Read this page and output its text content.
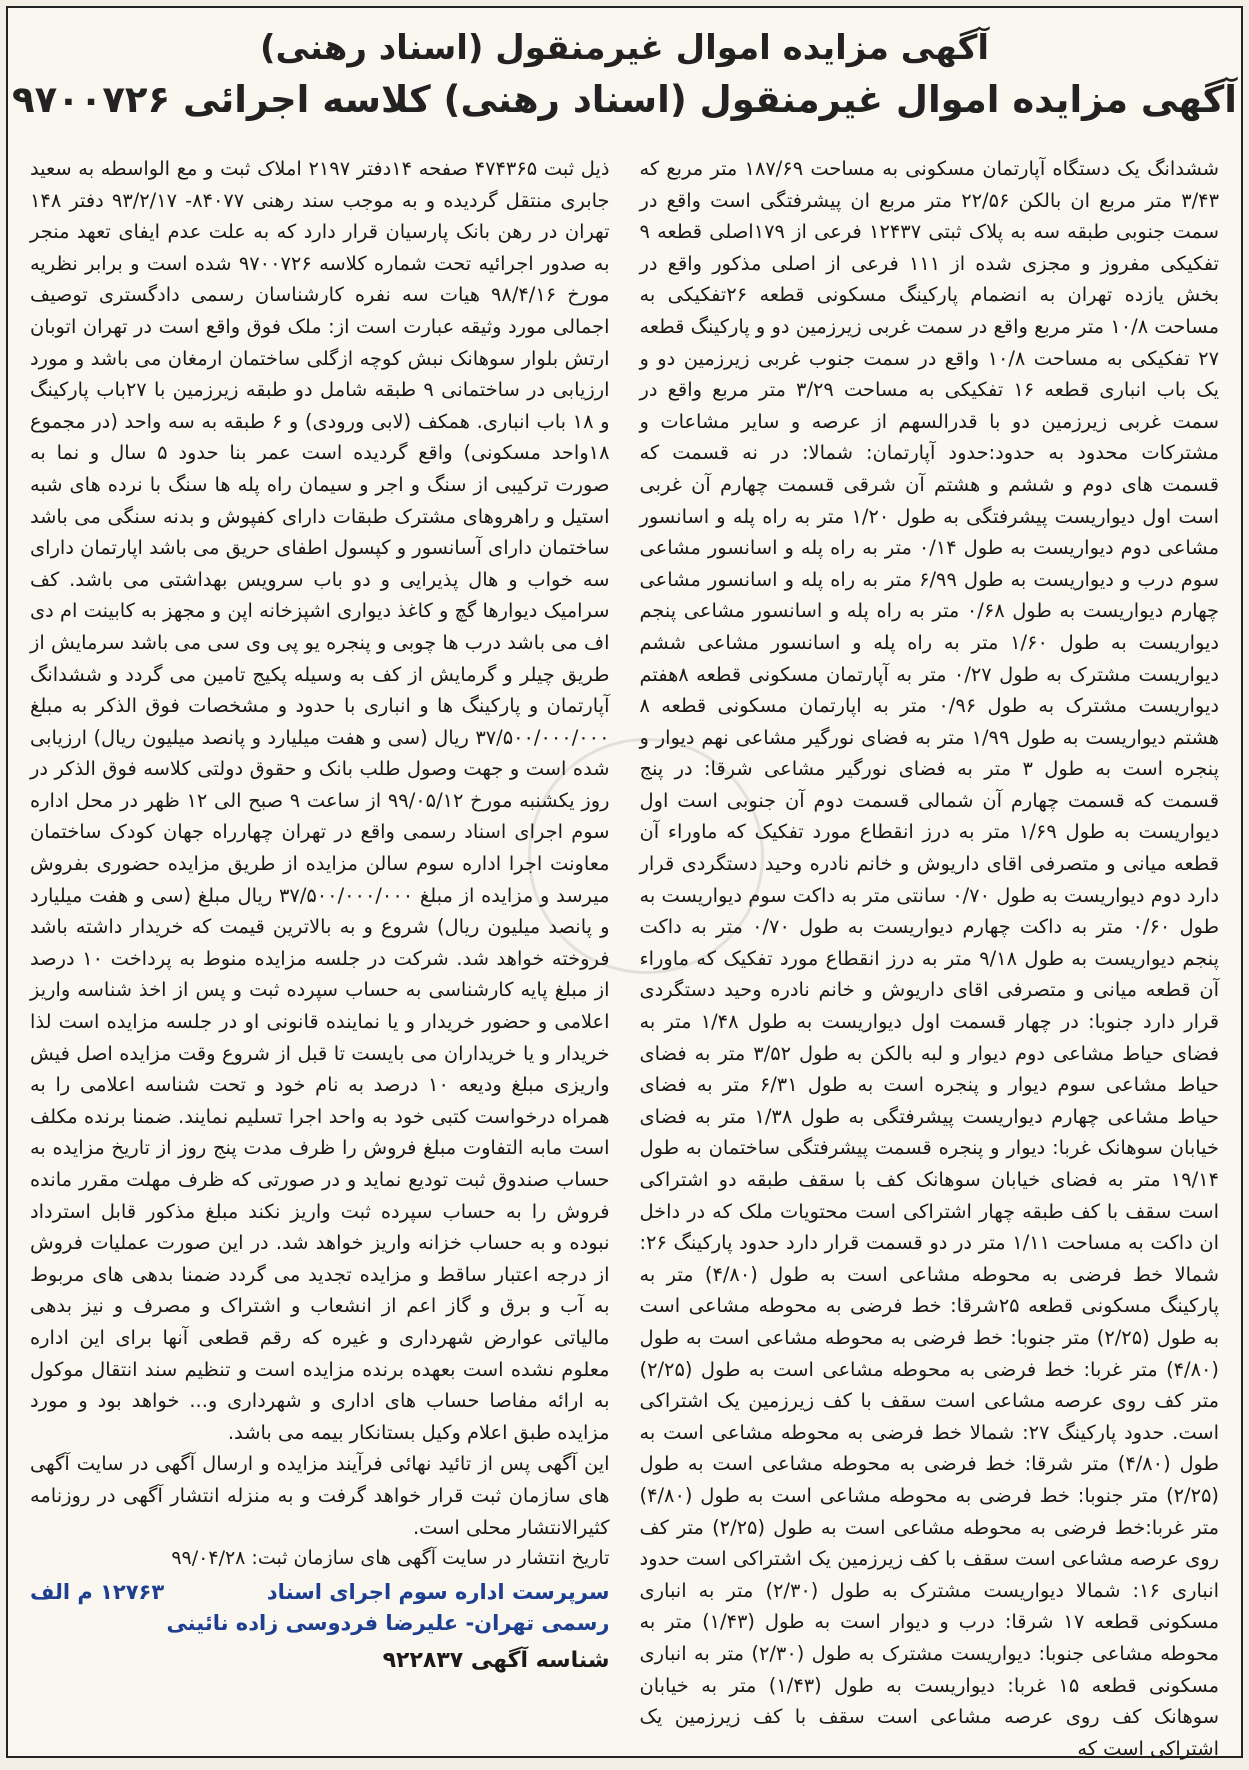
آگهی مزایده اموال غیرمنقول (اسناد رهنی)
آگهی مزایده اموال غیرمنقول (اسناد رهنی) کلاسه اجرائی ۹۷۰۰۷۲۶

ششدانگ یک دستگاه آپارتمان مسکونی به مساحت ۱۸۷/۶۹ متر مربع که ۳/۴۳ متر مربع ان بالکن ۲۲/۵۶ متر مربع ان پیشرفتگی است واقع در سمت جنوبی طبقه سه به پلاک ثبتی ۱۲۴۳۷ فرعی از ۱۷۹اصلی قطعه ۹ تفکیکی مفروز و مجزی شده از ۱۱۱ فرعی از اصلی مذکور واقع در بخش یازده تهران به انضمام پارکینگ مسکونی قطعه ۲۶تفکیکی به مساحت ۱۰/۸ متر مربع واقع در سمت غربی زیرزمین دو و پارکینگ قطعه ۲۷ تفکیکی به مساحت ۱۰/۸ واقع در سمت جنوب غربی زیرزمین دو و یک باب انباری قطعه ۱۶ تفکیکی به مساحت ۳/۲۹ متر مربع واقع در سمت غربی زیرزمین دو با قدرالسهم از عرصه و سایر مشاعات و مشترکات محدود به حدود:حدود آپارتمان: شمالا: در نه قسمت که قسمت های دوم و ششم و هشتم آن شرقی قسمت چهارم آن غربی است اول دیواریست پیشرفتگی به طول ۱/۲۰ متر به راه پله و اسانسور مشاعی دوم دیواریست به طول ۰/۱۴ متر به راه پله و اسانسور مشاعی سوم درب و دیواریست به طول ۶/۹۹ متر به راه پله و اسانسور مشاعی چهارم دیواریست به طول ۰/۶۸ متر به راه پله و اسانسور مشاعی پنجم دیواریست به طول ۱/۶۰ متر به راه پله و اسانسور مشاعی ششم دیواریست مشترک به طول ۰/۲۷ متر به آپارتمان مسکونی قطعه ۸هفتم دیواریست مشترک به طول ۰/۹۶ متر به اپارتمان مسکونی قطعه ۸ هشتم دیواریست به طول ۱/۹۹ متر به فضای نورگیر مشاعی نهم دیوار و پنجره است به طول ۳ متر به فضای نورگیر مشاعی شرقا: در پنج قسمت که قسمت چهارم آن شمالی قسمت دوم آن جنوبی است اول دیواریست به طول ۱/۶۹ متر به درز انقطاع مورد تفکیک که ماوراء آن قطعه میانی و متصرفی اقای داریوش و خانم نادره وحید دستگردی قرار دارد دوم دیواریست به طول ۰/۷۰ سانتی متر به داکت سوم دیواریست به طول ۰/۶۰ متر به داکت چهارم دیواریست به طول ۰/۷۰ متر به داکت پنجم دیواریست به طول ۹/۱۸ متر به درز انقطاع مورد تفکیک که ماوراء آن قطعه میانی و متصرفی اقای داریوش و خانم نادره وحید دستگردی قرار دارد جنوبا: در چهار قسمت اول دیواریست به طول ۱/۴۸ متر به فضای حیاط مشاعی دوم دیوار و لبه بالکن به طول ۳/۵۲ متر به فضای حیاط مشاعی سوم دیوار و پنجره است به طول ۶/۳۱ متر به فضای حیاط مشاعی چهارم دیواریست پیشرفتگی به طول ۱/۳۸ متر به فضای خیابان سوهانک غربا: دیوار و پنجره قسمت پیشرفتگی ساختمان به طول ۱۹/۱۴ متر به فضای خیابان سوهانک کف با سقف طبقه دو اشتراکی است سقف با کف طبقه چهار اشتراکی است محتویات ملک که در داخل ان داکت به مساحت ۱/۱۱ متر در دو قسمت قرار دارد حدود پارکینگ ۲۶: شمالا خط فرضی به محوطه مشاعی است به طول (۴/۸۰) متر به پارکینگ مسکونی قطعه ۲۵شرقا: خط فرضی به محوطه مشاعی است به طول (۲/۲۵) متر جنوبا: خط فرضی به محوطه مشاعی است به طول (۴/۸۰) متر غربا: خط فرضی به محوطه مشاعی است به طول (۲/۲۵) متر کف روی عرصه مشاعی است سقف با کف زیرزمین یک اشتراکی است. حدود پارکینگ ۲۷: شمالا خط فرضی به محوطه مشاعی است به طول (۴/۸۰) متر شرقا: خط فرضی به محوطه مشاعی است به طول (۲/۲۵) متر جنوبا: خط فرضی به محوطه مشاعی است به طول (۴/۸۰) متر غربا:خط فرضی به محوطه مشاعی است به طول (۲/۲۵) متر کف روی عرصه مشاعی است سقف با کف زیرزمین یک اشتراکی است حدود انباری ۱۶: شمالا دیواریست مشترک به طول (۲/۳۰) متر به انباری مسکونی قطعه ۱۷ شرقا: درب و دیوار است به طول (۱/۴۳) متر به محوطه مشاعی جنوبا: دیواریست مشترک به طول (۲/۳۰) متر به انباری مسکونی قطعه ۱۵ غربا: دیواریست به طول (۱/۴۳) متر به خیابان سوهانک کف روی عرصه مشاعی است سقف با کف زیرزمین یک اشتراکی است که

ذیل ثبت ۴۷۴۳۶۵ صفحه ۱۴دفتر ۲۱۹۷ املاک ثبت و مع الواسطه به سعید جابری منتقل گردیده و به موجب سند رهنی ۸۴۰۷۷- ۹۳/۲/۱۷ دفتر ۱۴۸ تهران در رهن بانک پارسیان قرار دارد که به علت عدم ایفای تعهد منجر به صدور اجرائیه تحت شماره کلاسه ۹۷۰۰۷۲۶ شده است و برابر نظریه مورخ ۹۸/۴/۱۶ هیات سه نفره کارشناسان رسمی دادگستری توصیف اجمالی مورد وثیقه عبارت است از: ملک فوق واقع است در تهران اتوبان ارتش بلوار سوهانک نبش کوچه ازگلی ساختمان ارمغان می باشد و مورد ارزیابی در ساختمانی ۹ طبقه شامل دو طبقه زیرزمین با ۲۷باب پارکینگ و ۱۸ باب انباری. همکف (لابی ورودی) و ۶ طبقه به سه واحد (در مجموع ۱۸واحد مسکونی) واقع گردیده است عمر بنا حدود ۵ سال و نما به صورت ترکیبی از سنگ و اجر و سیمان راه پله ها سنگ با نرده های شبه استیل و راهروهای مشترک طبقات دارای کفپوش و بدنه سنگی می باشد ساختمان دارای آسانسور و کپسول اطفای حریق می باشد اپارتمان دارای سه خواب و هال پذیرایی و دو باب سرویس بهداشتی می باشد. کف سرامیک دیوارها گچ و کاغذ دیواری اشپزخانه اپن و مجهز به کابینت ام دی اف می باشد درب ها چوبی و پنجره یو پی وی سی می باشد سرمایش از طریق چیلر و گرمایش از کف به وسیله پکیج تامین می گردد و ششدانگ آپارتمان و پارکینگ ها و انباری با حدود و مشخصات فوق الذکر به مبلغ ۳۷/۵۰۰/۰۰۰/۰۰۰ ریال (سی و هفت میلیارد و پانصد میلیون ریال) ارزیابی شده است و جهت وصول طلب بانک و حقوق دولتی کلاسه فوق الذکر در روز یکشنبه مورخ ۹۹/۰۵/۱۲ از ساعت ۹ صبح الی ۱۲ ظهر در محل اداره سوم اجرای اسناد رسمی واقع در تهران چهارراه جهان کودک ساختمان معاونت اجرا اداره سوم سالن مزایده از طریق مزایده حضوری بفروش میرسد و مزایده از مبلغ ۳۷/۵۰۰/۰۰۰/۰۰۰ ریال مبلغ (سی و هفت میلیارد و پانصد میلیون ریال) شروع و به بالاترین قیمت که خریدار داشته باشد فروخته خواهد شد. شرکت در جلسه مزایده منوط به پرداخت ۱۰ درصد از مبلغ پایه کارشناسی به حساب سپرده ثبت و پس از اخذ شناسه واریز اعلامی و حضور خریدار و یا نماینده قانونی او در جلسه مزایده است لذا خریدار و یا خریداران می بایست تا قبل از شروع وقت مزایده اصل فیش واریزی مبلغ ودیعه ۱۰ درصد به نام خود و تحت شناسه اعلامی را به همراه درخواست کتبی خود به واحد اجرا تسلیم نمایند. ضمنا برنده مکلف است مابه التفاوت مبلغ فروش را ظرف مدت پنج روز از تاریخ مزایده به حساب صندوق ثبت تودیع نماید و در صورتی که ظرف مهلت مقرر مانده فروش را به حساب سپرده ثبت واریز نکند مبلغ مذکور قابل استرداد نبوده و به حساب خزانه واریز خواهد شد. در این صورت عملیات فروش از درجه اعتبار ساقط و مزایده تجدید می گردد ضمنا بدهی های مربوط به آب و برق و گاز اعم از انشعاب و اشتراک و مصرف و نیز بدهی مالیاتی عوارض شهرداری و غیره که رقم قطعی آنها برای این اداره معلوم نشده است بعهده برنده مزایده است و تنظیم سند انتقال موکول به ارائه مفاصا حساب های اداری و شهرداری و... خواهد بود و مورد مزایده طبق اعلام وکیل بستانکار بیمه می باشد.

این آگهی پس از تائید نهائی فرآیند مزایده و ارسال آگهی در سایت آگهی های سازمان ثبت قرار خواهد گرفت و به منزله انتشار آگهی در روزنامه کثیرالانتشار محلی است.

تاریخ انتشار در سایت آگهی های سازمان ثبت: ۹۹/۰۴/۲۸

سرپرست اداره سوم اجرای اسناد
رسمی تهران- علیرضا فردوسی زاده نائینی
۱۲۷۶۳ م الف
شناسه آگهی ۹۲۲۸۳۷
